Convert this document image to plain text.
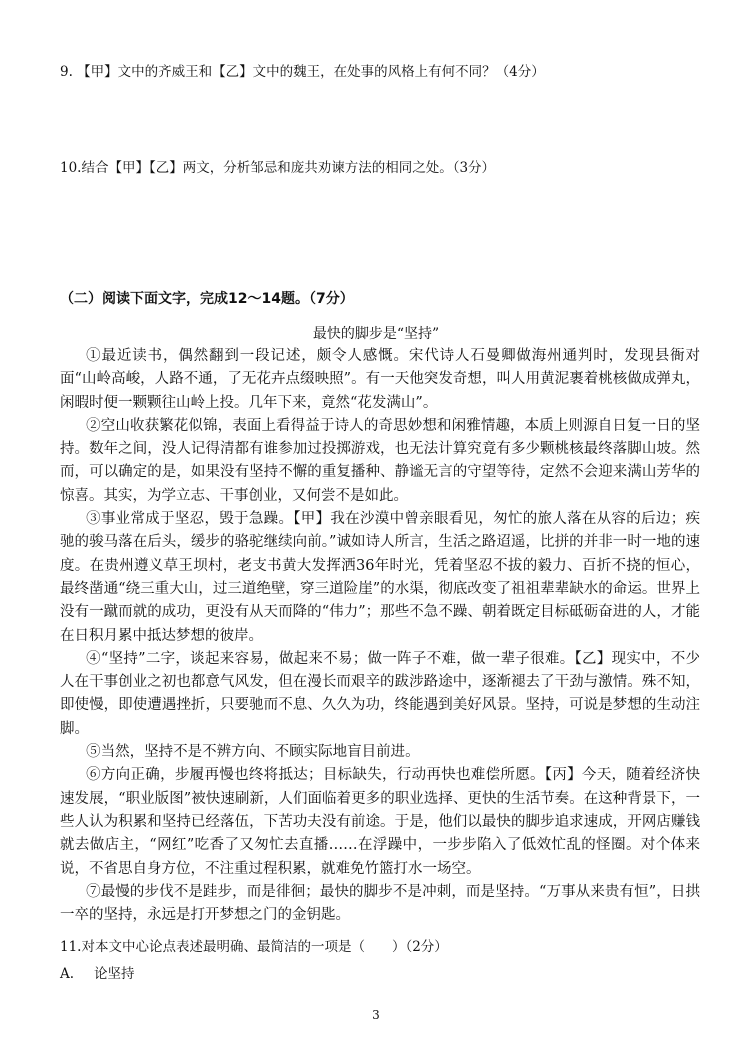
9. 【甲】文中的齐威王和【乙】文中的魏王，在处事的风格上有何不同？（4分）
10.结合【甲】【乙】两文，分析邹忌和庞共劝谏方法的相同之处。（3分）
（二）阅读下面文字，完成12～14题。（7分）
最快的脚步是“坚持”

①最近读书，偶然翻到一段记述，颇令人感慨。宋代诗人石曼卿做海州通判时，发现县衙对面“山岭高峻，人路不通，了无花卉点缀映照”。有一天他突发奇想，叫人用黄泥裹着桃核做成弹丸，闲暇时便一颗颗往山岭上投。几年下来，竟然“花发满山”。

②空山收获繁花似锦，表面上看得益于诗人的奇思妙想和闲雅情趣，本质上则源自日复一日的坚持。数年之间，没人记得清都有谁参加过投掷游戏，也无法计算究竟有多少颗桃核最终落脚山坡。然而，可以确定的是，如果没有坚持不懈的重复播种、静谧无言的守望等待，定然不会迎来满山芳华的惊喜。其实，为学立志、干事创业，又何尝不是如此。

③事业常成于坚忍，毁于急躁。【甲】我在沙漠中曾亲眼看见，匆忙的旅人落在从容的后边；疾驰的骏马落在后头，缓步的骆驼继续向前。”诚如诗人所言，生活之路迢遥，比拼的并非一时一地的速度。在贵州遵义草王坝村，老支书黄大发挥洒36年时光，凭着坚忍不拔的毅力、百折不挠的恒心，最终凿通“绕三重大山，过三道绝壁，穿三道险崖”的水渠，彻底改变了祖祖辈辈缺水的命运。世界上没有一蹴而就的成功，更没有从天而降的“伟力”；那些不急不躁、朝着既定目标砥砺奋进的人，才能在日积月累中抵达梦想的彼岸。

④“坚持”二字，谈起来容易，做起来不易；做一阵子不难，做一辈子很难。【乙】现实中，不少人在干事创业之初也都意气风发，但在漫长而艰辛的跋涉路途中，逐渐褪去了干劲与激情。殊不知，即使慢，即使遭遇挫折，只要驰而不息、久久为功，终能遇到美好风景。坚持，可说是梦想的生动注脚。

⑤当然，坚持不是不辨方向、不顾实际地盲目前进。

⑥方向正确，步履再慢也终将抵达；目标缺失，行动再快也难偿所愿。【丙】今天，随着经济快速发展，“职业版图”被快速刷新，人们面临着更多的职业选择、更快的生活节奏。在这种背景下，一些人认为积累和坚持已经落伍，下苦功夫没有前途。于是，他们以最快的脚步追求速成，开网店赚钱就去做店主，“网红”吃香了又匆忙去直播……在浮躁中，一步步陷入了低效忙乱的怪圈。对个体来说，不省思自身方位，不注重过程积累，就难免竹篮打水一场空。

⑦最慢的步伐不是跬步，而是徘徊；最快的脚步不是冲刺，而是坚持。“万事从来贵有恒”，日拱一卒的坚持，永远是打开梦想之门的金钥匙。

11.对本文中心论点表述最明确、最简洁的一项是（　　）（2分）
A. 论坚持
3
